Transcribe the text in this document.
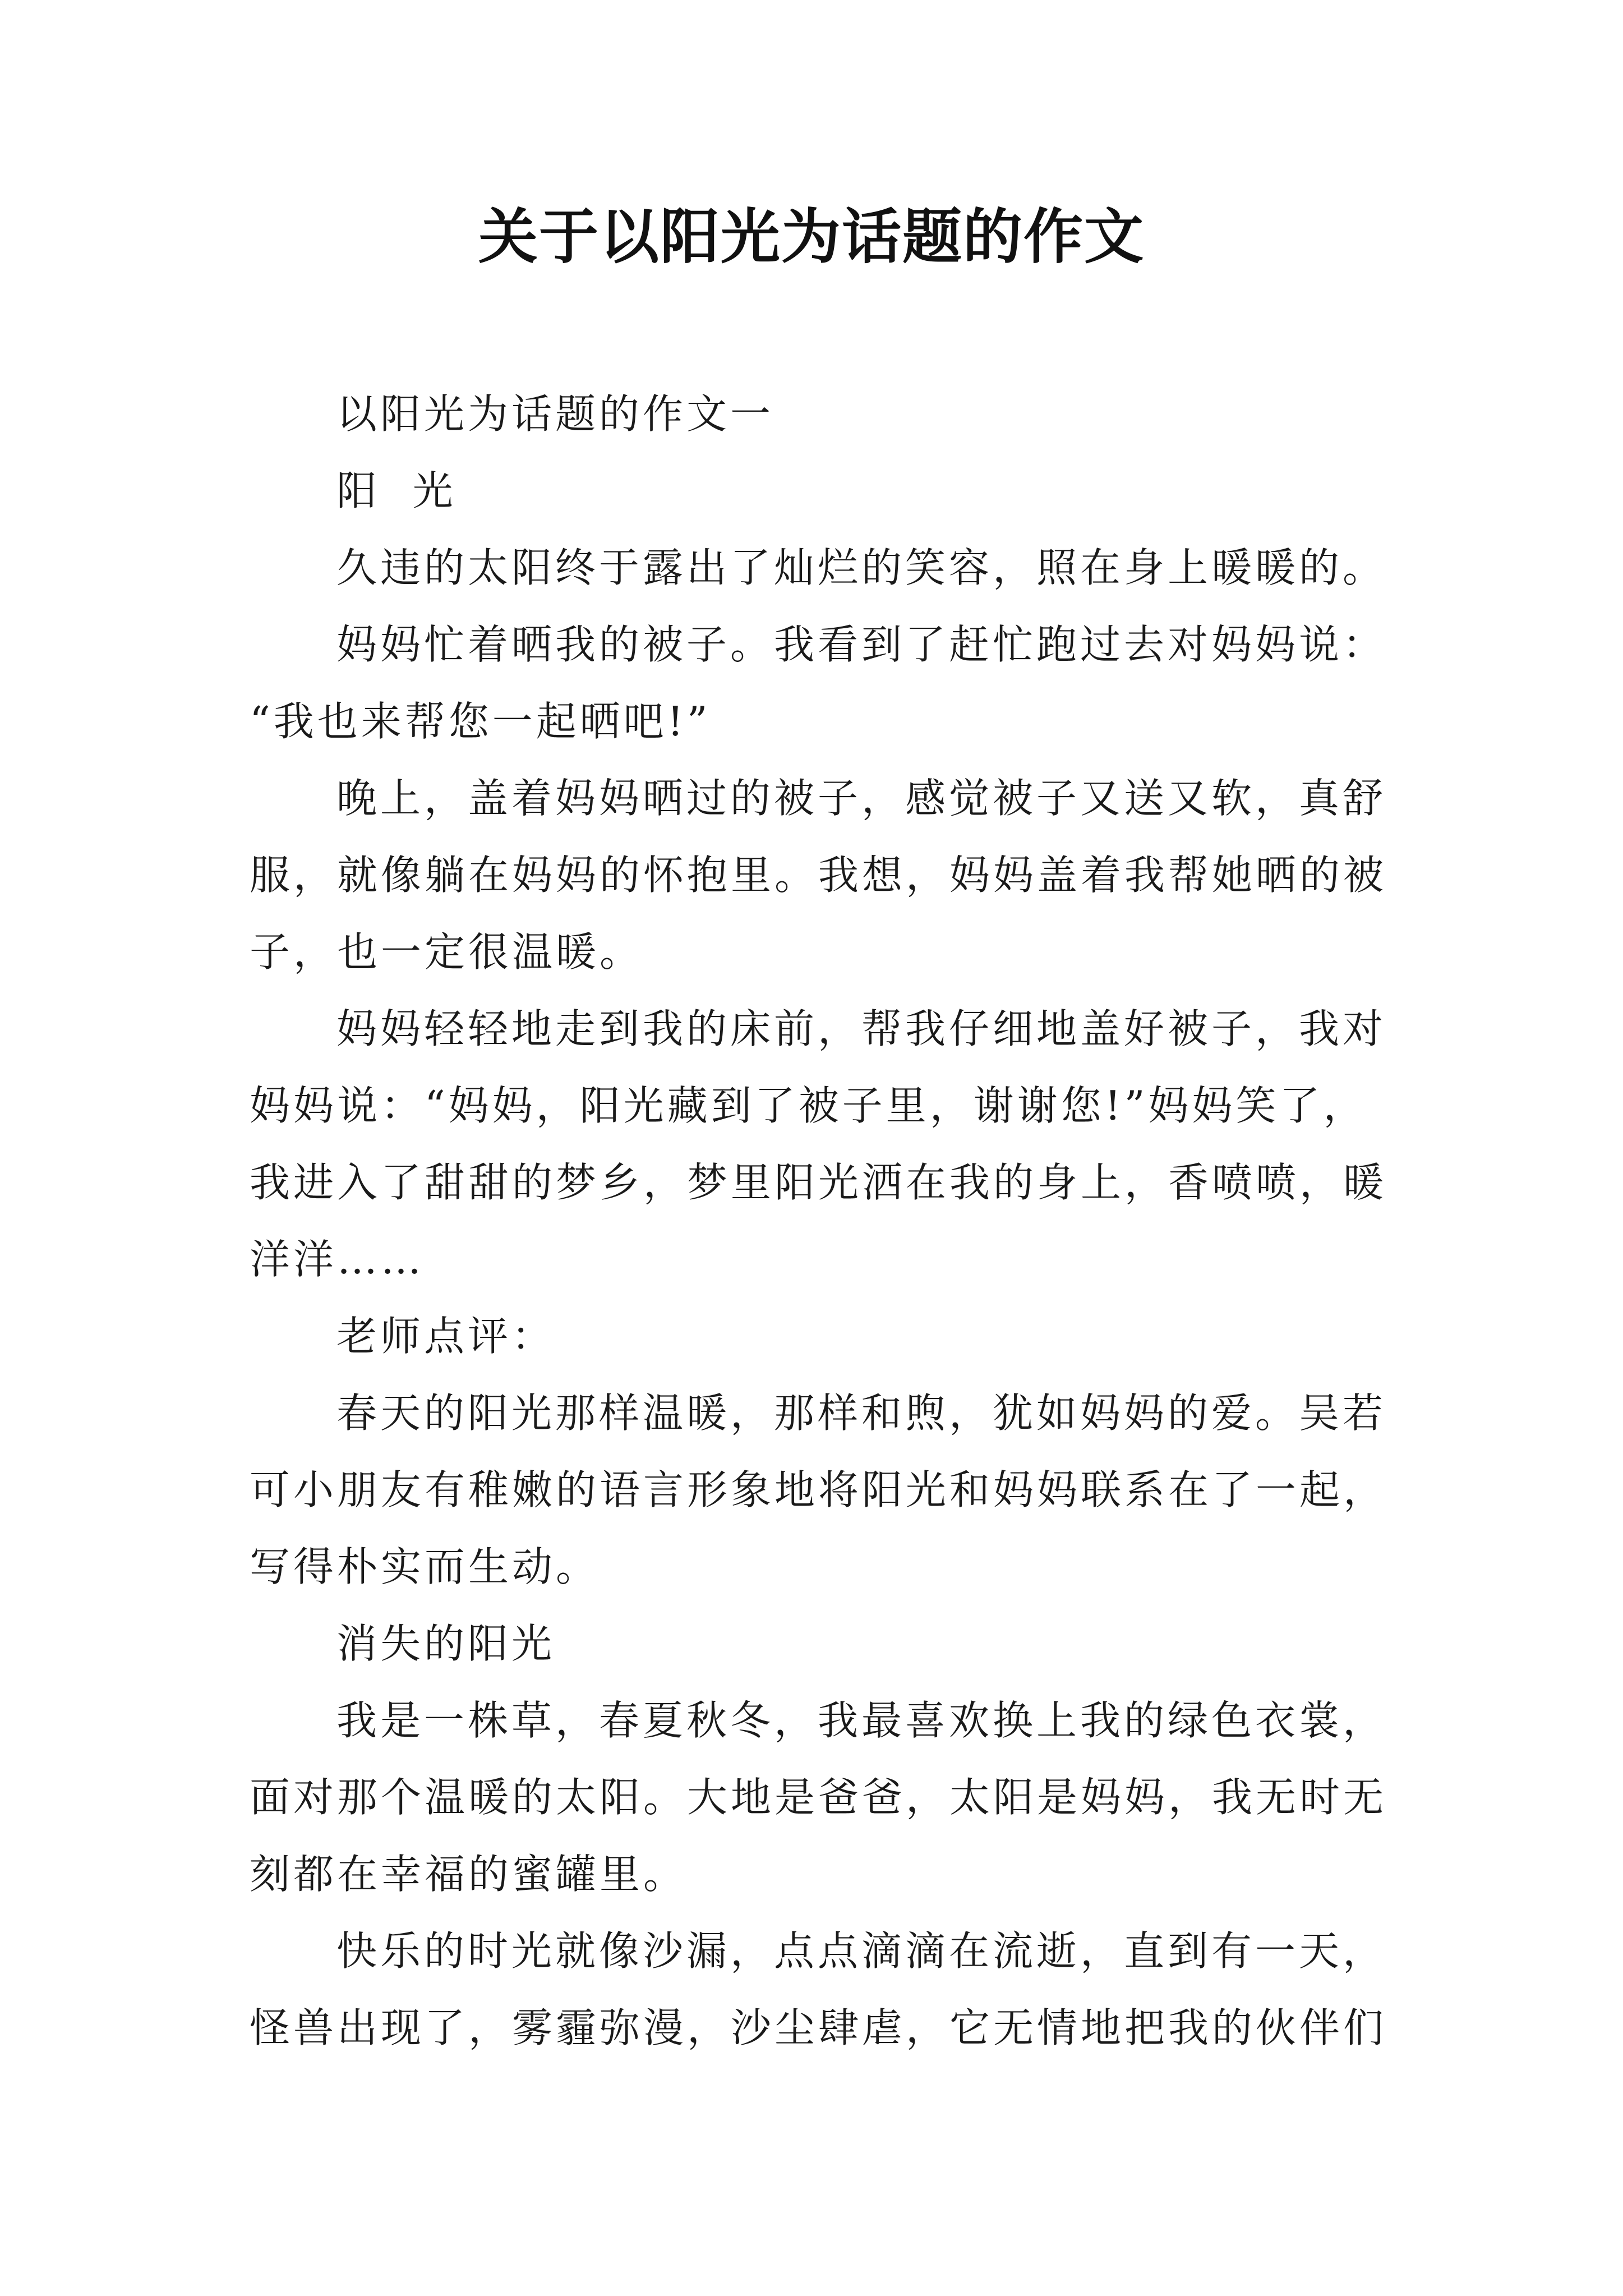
关于以阳光为话题的作文
以阳光为话题的作文一
阳  光
久违的太阳终于露出了灿烂的笑容，照在身上暖暖的。
妈妈忙着晒我的被子。我看到了赶忙跑过去对妈妈说：
“我也来帮您一起晒吧!”
晚上，盖着妈妈晒过的被子，感觉被子又送又软，真舒
服，就像躺在妈妈的怀抱里。我想，妈妈盖着我帮她晒的被
子，也一定很温暖。
妈妈轻轻地走到我的床前，帮我仔细地盖好被子，我对
妈妈说：“妈妈，阳光藏到了被子里，谢谢您!”妈妈笑了，
我进入了甜甜的梦乡，梦里阳光洒在我的身上，香喷喷，暖
洋洋……
老师点评：
春天的阳光那样温暖，那样和煦，犹如妈妈的爱。吴若
可小朋友有稚嫩的语言形象地将阳光和妈妈联系在了一起，
写得朴实而生动。
消失的阳光
我是一株草，春夏秋冬，我最喜欢换上我的绿色衣裳，
面对那个温暖的太阳。大地是爸爸，太阳是妈妈，我无时无
刻都在幸福的蜜罐里。
快乐的时光就像沙漏，点点滴滴在流逝，直到有一天，
怪兽出现了，雾霾弥漫，沙尘肆虐，它无情地把我的伙伴们
